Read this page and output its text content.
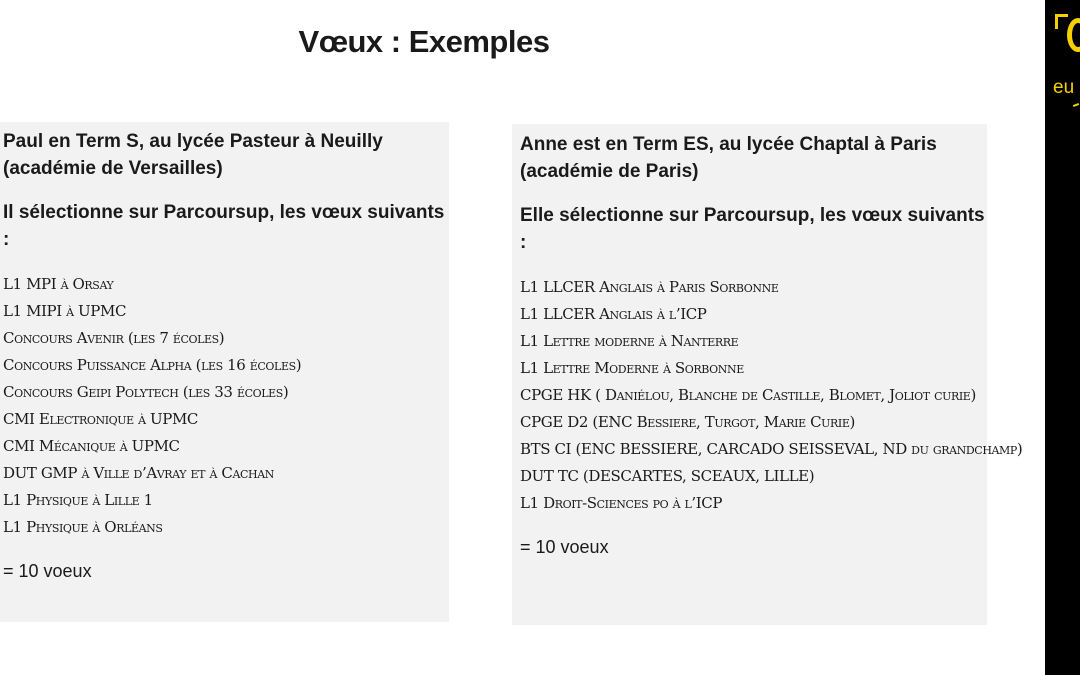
Vœux : Exemples

Paul en Term S, au lycée Pasteur à Neuilly
(académie de Versailles)

Il sélectionne sur Parcoursup, les vœux suivants :

L1 MPI à Orsay
L1 MIPI à UPMC
Concours Avenir (les 7 écoles)
Concours Puissance Alpha (les 16 écoles)
Concours Geipi Polytech (les 33 écoles)
CMI Electronique à UPMC
CMI Mécanique à UPMC
DUT GMP à Ville d’Avray et à Cachan
L1 Physique à Lille 1
L1 Physique à Orléans
= 10 voeux

Anne est en Term ES, au lycée Chaptal à Paris
(académie de Paris)

Elle sélectionne sur Parcoursup, les vœux suivants :

L1 LLCER Anglais à Paris Sorbonne
L1 LLCER Anglais à l’ICP
L1 Lettre moderne à Nanterre
L1 Lettre Moderne à Sorbonne
CPGE HK ( Daniélou, Blanche de Castille, Blomet, Joliot curie)
CPGE D2 (ENC Bessiere, Turgot, Marie Curie)
BTS CI (ENC BESSIERE, CARCADO SEISSEVAL, ND du grandchamp)
DUT TC (DESCARTES, SCEAUX, LILLE)
L1 Droit-Sciences po à l’ICP
= 10 voeux
eu
